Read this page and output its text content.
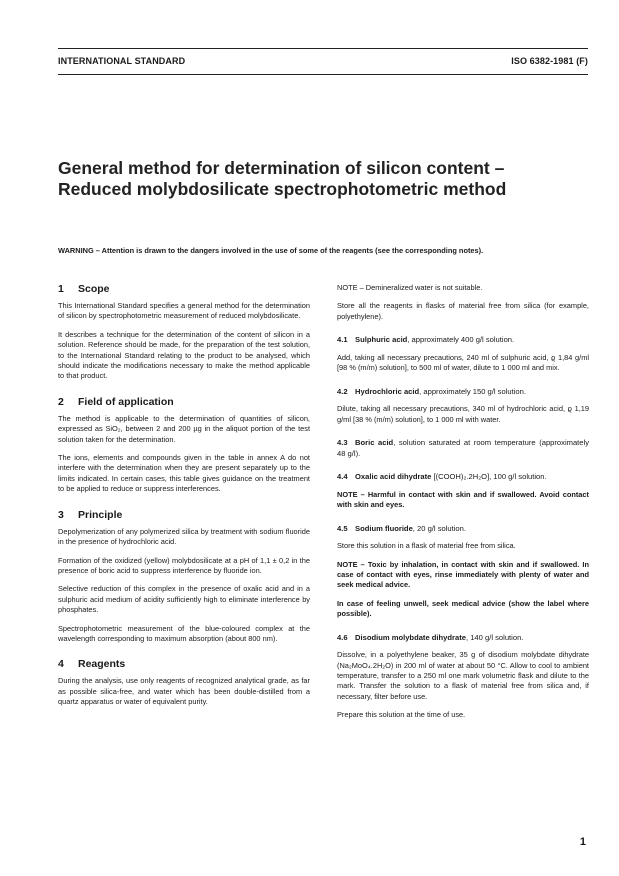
INTERNATIONAL STANDARD	ISO 6382-1981 (F)
General method for determination of silicon content –
Reduced molybdosilicate spectrophotometric method
WARNING – Attention is drawn to the dangers involved in the use of some of the reagents (see the corresponding notes).
1	Scope

This International Standard specifies a general method for the determination of silicon by spectrophotometric measurement of reduced molybdosilicate.

It describes a technique for the determination of the content of silicon in a solution. Reference should be made, for the preparation of the test solution, to the International Standard relating to the product to be analysed, which should indicate the modifications necessary to make the method applicable to that product.

2	Field of application

The method is applicable to the determination of quantities of silicon, expressed as SiO₂, between 2 and 200 µg in the aliquot portion of the test solution taken for the determination.

The ions, elements and compounds given in the table in annex A do not interfere with the determination when they are present separately up to the limits indicated. In certain cases, this table gives guidance on the treatment to be applied to reduce or suppress interferences.

3	Principle

Depolymerization of any polymerized silica by treatment with sodium fluoride in the presence of hydrochloric acid.

Formation of the oxidized (yellow) molybdosilicate at a pH of 1,1 ± 0,2 in the presence of boric acid to suppress interference by fluoride ion.

Selective reduction of this complex in the presence of oxalic acid and in a sulphuric acid medium of acidity sufficiently high to eliminate interference by phosphates.

Spectrophotometric measurement of the blue-coloured complex at the wavelength corresponding to maximum absorption (about 800 nm).

4	Reagents

During the analysis, use only reagents of recognized analytical grade, as far as possible silica-free, and water which has been double-distilled from a quartz apparatus or water of equivalent purity.

NOTE – Demineralized water is not suitable.

Store all the reagents in flasks of material free from silica (for example, polyethylene).

4.1 Sulphuric acid, approximately 400 g/l solution.

Add, taking all necessary precautions, 240 ml of sulphuric acid, ϱ 1,84 g/ml [98 % (m/m) solution], to 500 ml of water, dilute to 1 000 ml and mix.

4.2 Hydrochloric acid, approximately 150 g/l solution.

Dilute, taking all necessary precautions, 340 ml of hydrochloric acid, ϱ 1,19 g/ml [38 % (m/m) solution], to 1 000 ml with water.

4.3 Boric acid, solution saturated at room temperature (approximately 48 g/l).
4.4 Oxalic acid dihydrate [(COOH)₂.2H₂O], 100 g/l solution.

NOTE – Harmful in contact with skin and if swallowed. Avoid contact with skin and eyes.

4.5 Sodium fluoride, 20 g/l solution.

Store this solution in a flask of material free from silica.

NOTE – Toxic by inhalation, in contact with skin and if swallowed. In case of contact with eyes, rinse immediately with plenty of water and seek medical advice.

In case of feeling unwell, seek medical advice (show the label where possible).

4.6 Disodium molybdate dihydrate, 140 g/l solution.

Dissolve, in a polyethylene beaker, 35 g of disodium molybdate dihydrate (Na₂MoO₄.2H₂O) in 200 ml of water at about 50 °C. Allow to cool to ambient temperature, transfer to a 250 ml one mark volumetric flask and dilute to the mark. Transfer the solution to a flask of material free from silica and, if necessary, filter before use.

Prepare this solution at the time of use.

1
